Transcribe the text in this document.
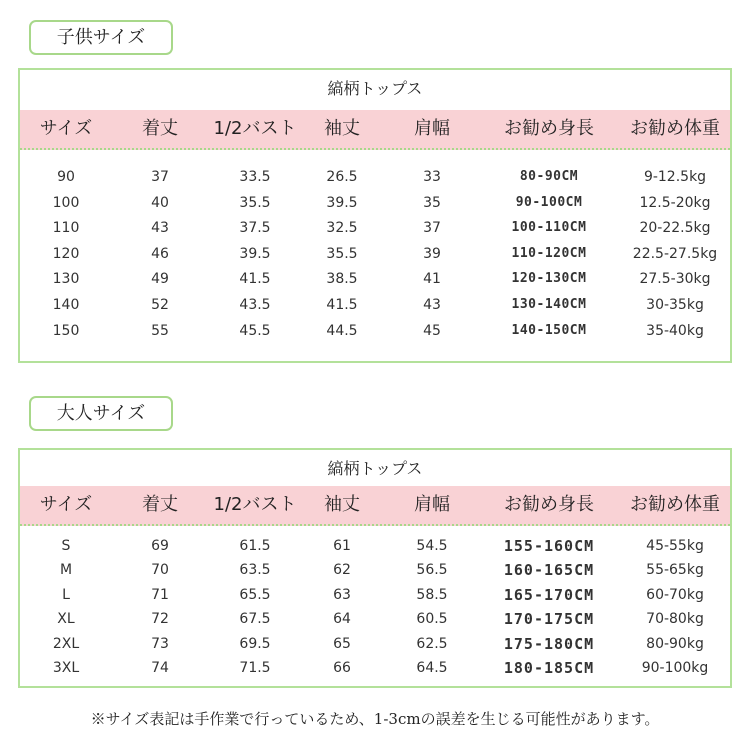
子供サイズ
縞柄トップス
サイズ	着丈	1/2バスト	袖丈	肩幅	お勧め身長	お勧め体重
90	37	33.5	26.5	33	80-90CM	9-12.5kg
100	40	35.5	39.5	35	90-100CM	12.5-20kg
110	43	37.5	32.5	37	100-110CM	20-22.5kg
120	46	39.5	35.5	39	110-120CM	22.5-27.5kg
130	49	41.5	38.5	41	120-130CM	27.5-30kg
140	52	43.5	41.5	43	130-140CM	30-35kg
150	55	45.5	44.5	45	140-150CM	35-40kg
大人サイズ
縞柄トップス
サイズ	着丈	1/2バスト	袖丈	肩幅	お勧め身長	お勧め体重
S	69	61.5	61	54.5	155-160CM	45-55kg
M	70	63.5	62	56.5	160-165CM	55-65kg
L	71	65.5	63	58.5	165-170CM	60-70kg
XL	72	67.5	64	60.5	170-175CM	70-80kg
2XL	73	69.5	65	62.5	175-180CM	80-90kg
3XL	74	71.5	66	64.5	180-185CM	90-100kg
※サイズ表記は手作業で行っているため、1-3cmの誤差を生じる可能性があります。
